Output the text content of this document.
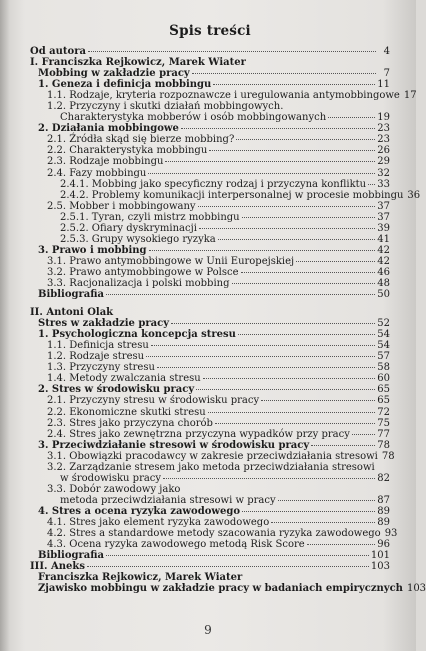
Spis treści
Od autora	4
I. Franciszka Rejkowicz, Marek Wiater
Mobbing w zakładzie pracy	7
1. Geneza i definicja mobbingu	11
1.1. Rodzaje, kryteria rozpoznawcze i uregulowania antymobbingowe 17
1.2. Przyczyny i skutki działań mobbingowych.
Charakterystyka mobberów i osób mobbingowanych	19
2. Działania mobbingowe	23
2.1. Źródła skąd się bierze mobbing?	23
2.2. Charakterystyka mobbingu	26
2.3. Rodzaje mobbingu	29
2.4. Fazy mobbingu	32
2.4.1. Mobbing jako specyficzny rodzaj i przyczyna konfliktu 33
2.4.2. Problemy komunikacji interpersonalnej w procesie mobbingu 36
2.5. Mobber i mobbingowany	37
2.5.1. Tyran, czyli mistrz mobbingu	37
2.5.2. Ofiary dyskryminacji	39
2.5.3. Grupy wysokiego ryzyka	41
3. Prawo i mobbing	42
3.1. Prawo antymobbingowe w Unii Europejskiej	42
3.2. Prawo antymobbingowe w Polsce	46
3.3. Racjonalizacja i polski mobbing	48
Bibliografia	50
II. Antoni Olak
Stres w zakładzie pracy	52
1. Psychologiczna koncepcja stresu	54
1.1. Definicja stresu	54
1.2. Rodzaje stresu	57
1.3. Przyczyny stresu	58
1.4. Metody zwalczania stresu	60
2. Stres w środowisku pracy	65
2.1. Przyczyny stresu w środowisku pracy	65
2.2. Ekonomiczne skutki stresu	72
2.3. Stres jako przyczyna chorób	75
2.4. Stres jako zewnętrzna przyczyna wypadków przy pracy	77
3. Przeciwdziałanie stresowi w środowisku pracy	78
3.1. Obowiązki pracodawcy w zakresie przeciwdziałania stresowi 78
3.2. Zarządzanie stresem jako metoda przeciwdziałania stresowi
w środowisku pracy	82
3.3. Dobór zawodowy jako
metoda przeciwdziałania stresowi w pracy	87
4. Stres a ocena ryzyka zawodowego	89
4.1. Stres jako element ryzyka zawodowego	89
4.2. Stres a standardowe metody szacowania ryzyka zawodowego 93
4.3. Ocena ryzyka zawodowego metodą Risk Score	96
Bibliografia	101
III. Aneks	103
Franciszka Rejkowicz, Marek Wiater
Zjawisko mobbingu w zakładzie pracy w badaniach empirycznych 103
9
